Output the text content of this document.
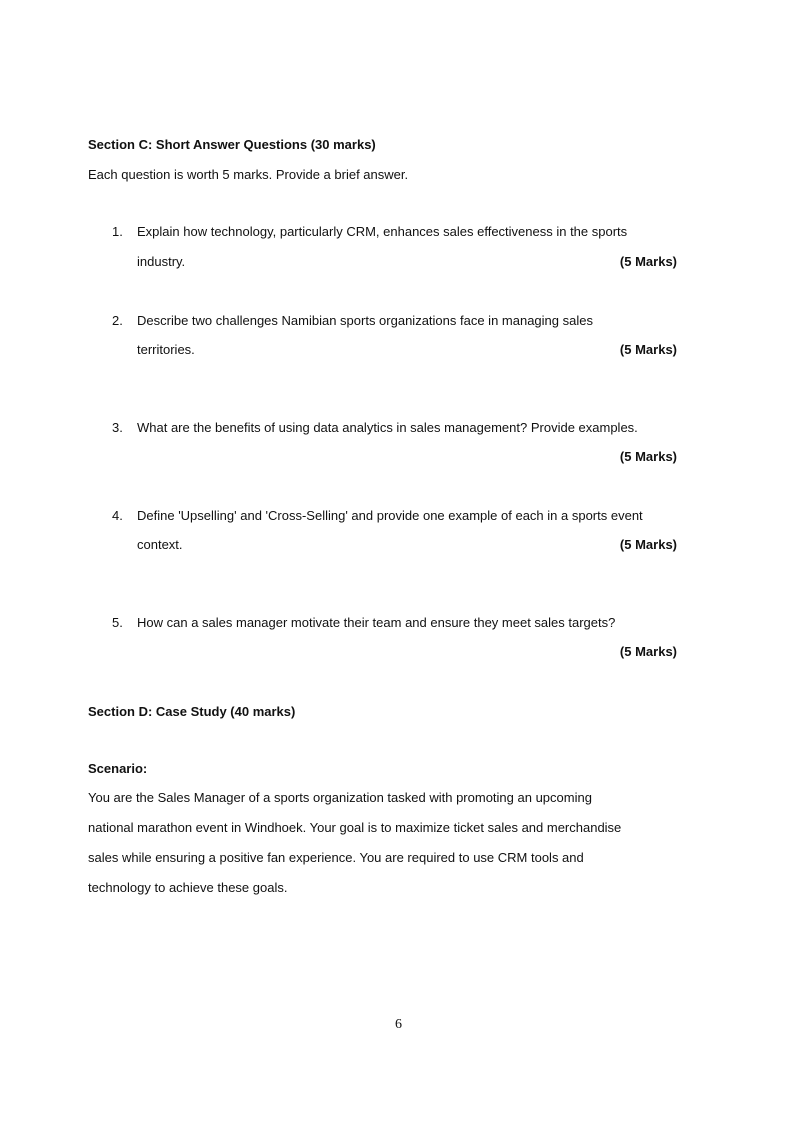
Section C: Short Answer Questions (30 marks)
Each question is worth 5 marks. Provide a brief answer.
1. Explain how technology, particularly CRM, enhances sales effectiveness in the sports
industry.	(5 Marks)
2. Describe two challenges Namibian sports organizations face in managing sales
territories.	(5 Marks)
3. What are the benefits of using data analytics in sales management? Provide examples.
(5 Marks)
4. Define 'Upselling' and 'Cross-Selling' and provide one example of each in a sports event
context.	(5 Marks)
5. How can a sales manager motivate their team and ensure they meet sales targets?
(5 Marks)
Section D: Case Study (40 marks)
Scenario:
You are the Sales Manager of a sports organization tasked with promoting an upcoming
national marathon event in Windhoek. Your goal is to maximize ticket sales and merchandise
sales while ensuring a positive fan experience. You are required to use CRM tools and
technology to achieve these goals.
6
